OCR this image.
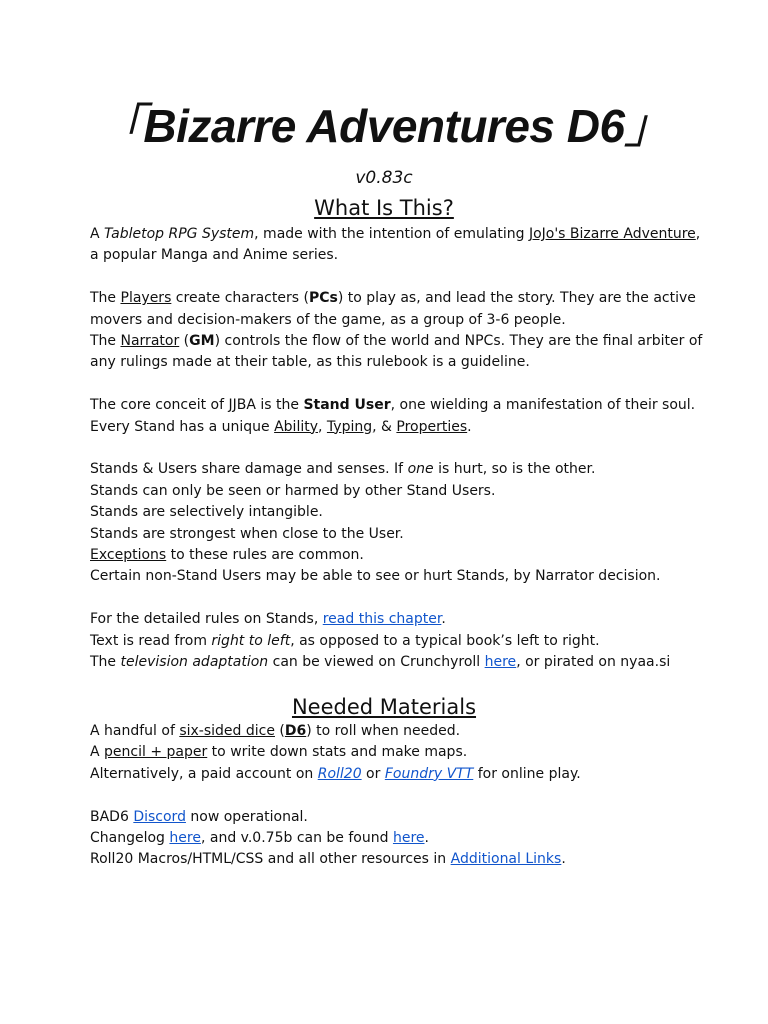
「Bizarre Adventures D6」
v0.83c
What Is This?
A Tabletop RPG System, made with the intention of emulating JoJo's Bizarre Adventure,
a popular Manga and Anime series.
The Players create characters (PCs) to play as, and lead the story. They are the active
movers and decision-makers of the game, as a group of 3-6 people.
The Narrator (GM) controls the flow of the world and NPCs. They are the final arbiter of
any rulings made at their table, as this rulebook is a guideline.
The core conceit of JJBA is the Stand User, one wielding a manifestation of their soul.
Every Stand has a unique Ability, Typing, & Properties.
Stands & Users share damage and senses. If one is hurt, so is the other.
Stands can only be seen or harmed by other Stand Users.
Stands are selectively intangible.
Stands are strongest when close to the User.
Exceptions to these rules are common.
Certain non-Stand Users may be able to see or hurt Stands, by Narrator decision.
For the detailed rules on Stands, read this chapter.
Text is read from right to left, as opposed to a typical book’s left to right.
The television adaptation can be viewed on Crunchyroll here, or pirated on nyaa.si
Needed Materials
A handful of six-sided dice (D6) to roll when needed.
A pencil + paper to write down stats and make maps.
Alternatively, a paid account on Roll20 or Foundry VTT for online play.
BAD6 Discord now operational.
Changelog here, and v.0.75b can be found here.
Roll20 Macros/HTML/CSS and all other resources in Additional Links.
